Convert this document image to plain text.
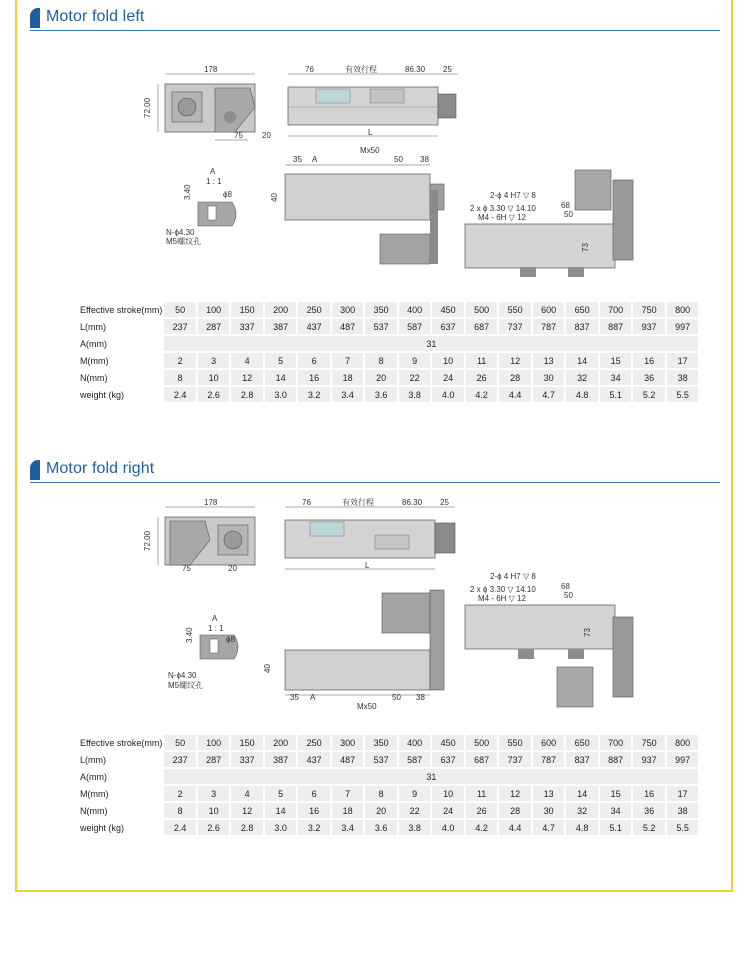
Motor fold left
178
72.00
75 20
76	有效行程	86.30 25
L
35 A
Mx50
50 38
40
A
1 : 1
3.40	ϕ8
N-ϕ4.30
M5螺纹孔
2-ϕ 4 H7 ▽ 8
2 x ϕ 3.30 ▽ 14.10
M4 - 6H ▽ 12
68
50
73
Effective stroke(mm)	50	100	150	200	250	300	350	400	450	500	550	600	650	700	750	800
L(mm)	237	287	337	387	437	487	537	587	637	687	737	787	837	887	937	997
A(mm)	31															
M(mm)	2	3	4	5	6	7	8	9	10	11	12	13	14	15	16	17
N(mm)	8	10	12	14	16	18	20	22	24	26	28	30	32	34	36	38
weight (kg)	2.4	2.6	2.8	3.0	3.2	3.4	3.6	3.8	4.0	4.2	4.4	4.7	4.8	5.1	5.2	5.5
Motor fold right
178
72.00
75	20
76	有效行程	86.30 25
L
35 A
Mx50
50 38
40
A
1 : 1
3.40	ϕ8
N-ϕ4.30
M5螺纹孔
2-ϕ 4 H7 ▽ 8
2 x ϕ 3.30 ▽ 14.10
M4 - 6H ▽ 12
68
50
73
Effective stroke(mm)	50	100	150	200	250	300	350	400	450	500	550	600	650	700	750	800
L(mm)	237	287	337	387	437	487	537	587	637	687	737	787	837	887	937	997
A(mm)	31															
M(mm)	2	3	4	5	6	7	8	9	10	11	12	13	14	15	16	17
N(mm)	8	10	12	14	16	18	20	22	24	26	28	30	32	34	36	38
weight (kg)	2.4	2.6	2.8	3.0	3.2	3.4	3.6	3.8	4.0	4.2	4.4	4.7	4.8	5.1	5.2	5.5
